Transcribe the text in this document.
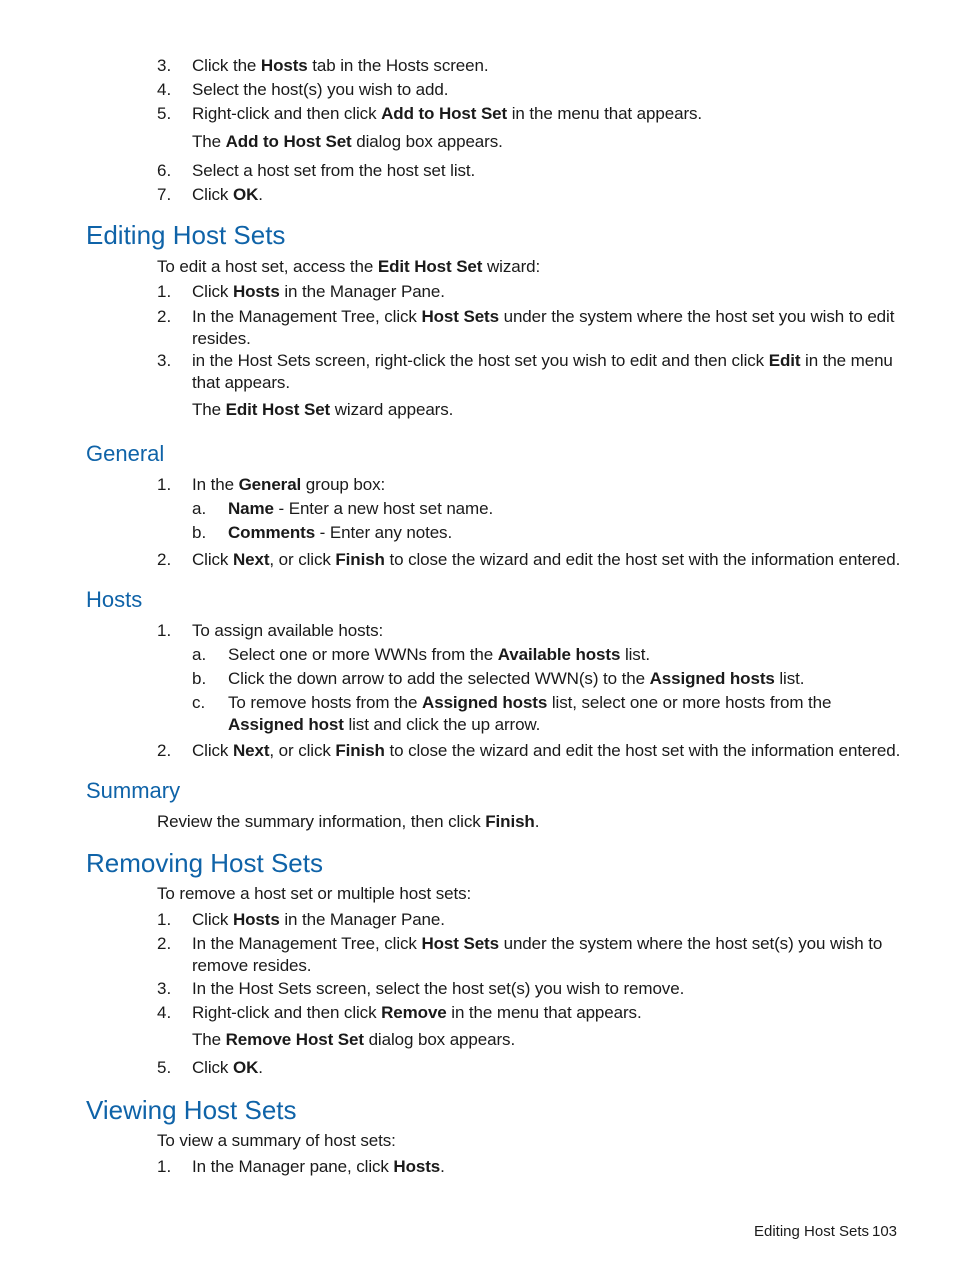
3. Click the Hosts tab in the Hosts screen.
4. Select the host(s) you wish to add.
5. Right-click and then click Add to Host Set in the menu that appears.
The Add to Host Set dialog box appears.
6. Select a host set from the host set list.
7. Click OK.
Editing Host Sets
To edit a host set, access the Edit Host Set wizard:
1. Click Hosts in the Manager Pane.
2. In the Management Tree, click Host Sets under the system where the host set you wish to edit resides.
3. in the Host Sets screen, right-click the host set you wish to edit and then click Edit in the menu that appears.
The Edit Host Set wizard appears.
General
1. In the General group box:
a. Name - Enter a new host set name.
b. Comments - Enter any notes.
2. Click Next, or click Finish to close the wizard and edit the host set with the information entered.
Hosts
1. To assign available hosts:
a. Select one or more WWNs from the Available hosts list.
b. Click the down arrow to add the selected WWN(s) to the Assigned hosts list.
c. To remove hosts from the Assigned hosts list, select one or more hosts from the Assigned host list and click the up arrow.
2. Click Next, or click Finish to close the wizard and edit the host set with the information entered.
Summary
Review the summary information, then click Finish.
Removing Host Sets
To remove a host set or multiple host sets:
1. Click Hosts in the Manager Pane.
2. In the Management Tree, click Host Sets under the system where the host set(s) you wish to remove resides.
3. In the Host Sets screen, select the host set(s) you wish to remove.
4. Right-click and then click Remove in the menu that appears.
The Remove Host Set dialog box appears.
5. Click OK.
Viewing Host Sets
To view a summary of host sets:
1. In the Manager pane, click Hosts.
Editing Host Sets 103
